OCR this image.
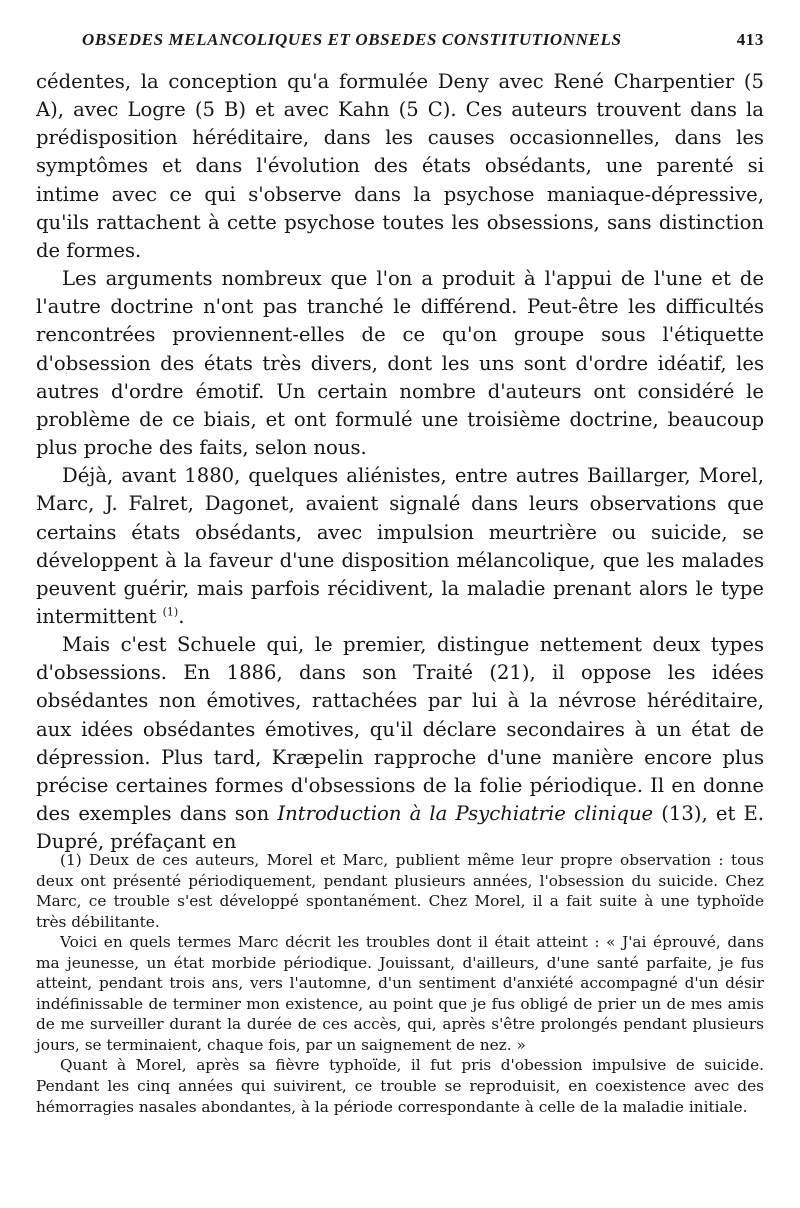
OBSEDES MELANCOLIQUES ET OBSEDES CONSTITUTIONNELS	413

cédentes, la conception qu'a formulée Deny avec René Charpentier (5 A), avec Logre (5 B) et avec Kahn (5 C). Ces auteurs trouvent dans la prédisposition héréditaire, dans les causes occasionnelles, dans les symptômes et dans l'évolution des états obsédants, une parenté si intime avec ce qui s'observe dans la psychose maniaque-dépressive, qu'ils rattachent à cette psychose toutes les obsessions, sans distinction de formes.

Les arguments nombreux que l'on a produit à l'appui de l'une et de l'autre doctrine n'ont pas tranché le différend. Peut-être les difficultés rencontrées proviennent-elles de ce qu'on groupe sous l'étiquette d'obsession des états très divers, dont les uns sont d'ordre idéatif, les autres d'ordre émotif. Un certain nombre d'auteurs ont considéré le problème de ce biais, et ont formulé une troisième doctrine, beaucoup plus proche des faits, selon nous.

Déjà, avant 1880, quelques aliénistes, entre autres Baillarger, Morel, Marc, J. Falret, Dagonet, avaient signalé dans leurs observations que certains états obsédants, avec impulsion meurtrière ou suicide, se développent à la faveur d'une disposition mélancolique, que les malades peuvent guérir, mais parfois récidivent, la maladie prenant alors le type intermittent $^{(1)}$.

Mais c'est Schuele qui, le premier, distingue nettement deux types d'obsessions. En 1886, dans son Traité (21), il oppose les idées obsédantes non émotives, rattachées par lui à la névrose héréditaire, aux idées obsédantes émotives, qu'il déclare secondaires à un état de dépression. Plus tard, Kræpelin rapproche d'une manière encore plus précise certaines formes d'obsessions de la folie périodique. Il en donne des exemples dans son Introduction à la Psychiatrie clinique (13), et E. Dupré, préfaçant en

(1) Deux de ces auteurs, Morel et Marc, publient même leur propre observation : tous deux ont présenté périodiquement, pendant plusieurs années, l'obsession du suicide. Chez Marc, ce trouble s'est développé spontanément. Chez Morel, il a fait suite à une typhoïde très débilitante.

Voici en quels termes Marc décrit les troubles dont il était atteint : « J'ai éprouvé, dans ma jeunesse, un état morbide périodique. Jouissant, d'ailleurs, d'une santé parfaite, je fus atteint, pendant trois ans, vers l'automne, d'un sentiment d'anxiété accompagné d'un désir indéfinissable de terminer mon existence, au point que je fus obligé de prier un de mes amis de me surveiller durant la durée de ces accès, qui, après s'être prolongés pendant plusieurs jours, se terminaient, chaque fois, par un saignement de nez. »

Quant à Morel, après sa fièvre typhoïde, il fut pris d'obession impulsive de suicide. Pendant les cinq années qui suivirent, ce trouble se reproduisit, en coexistence avec des hémorragies nasales abondantes, à la période correspondante à celle de la maladie initiale.
